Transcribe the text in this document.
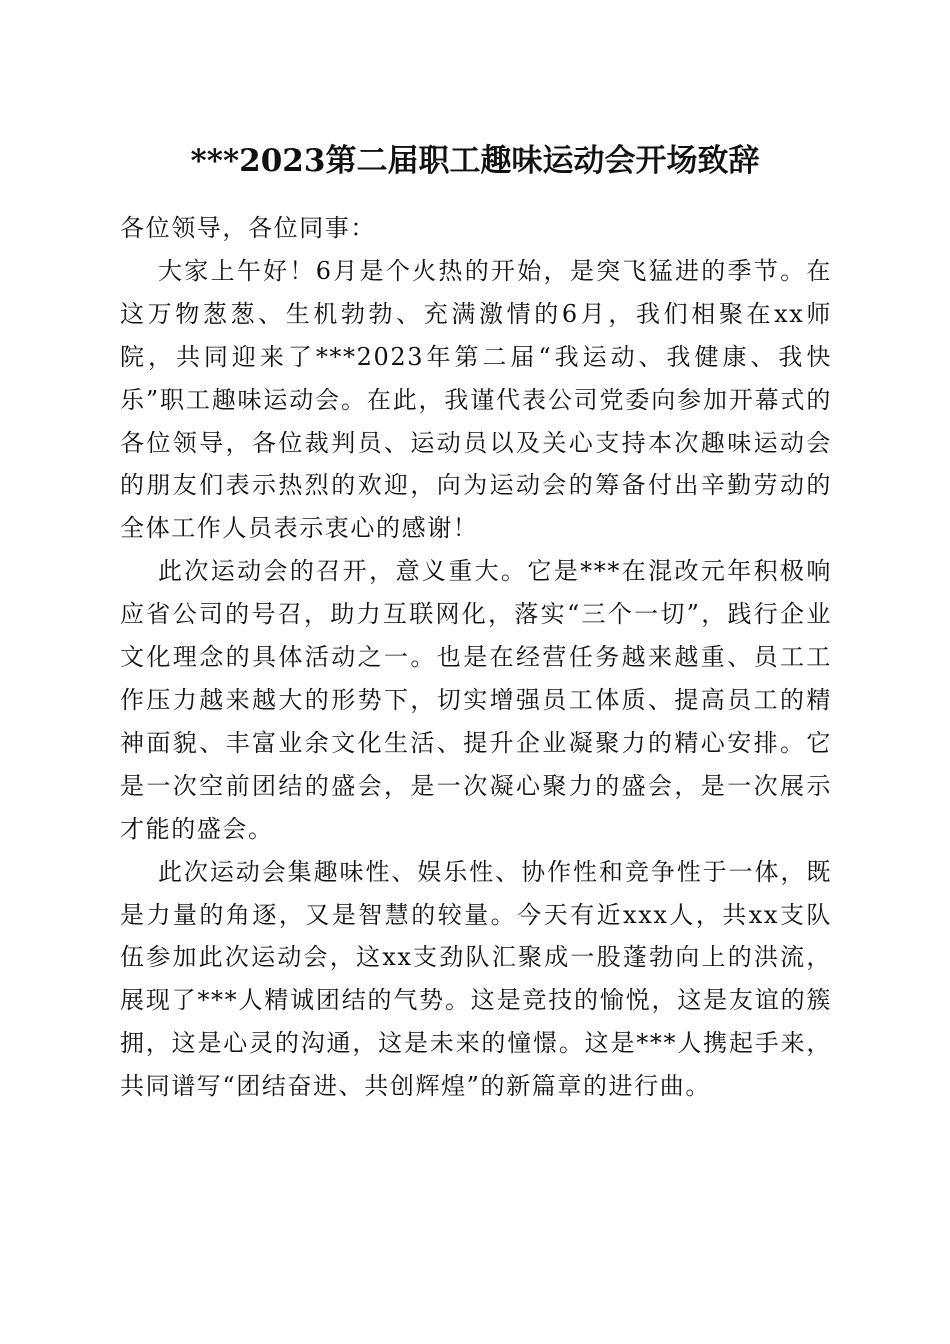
***2023第二届职工趣味运动会开场致辞

各位领导，各位同事：

大家上午好！6月是个火热的开始，是突飞猛进的季节。在这万物葱葱、生机勃勃、充满激情的6月，我们相聚在xx师院，共同迎来了***2023年第二届“我运动、我健康、我快乐”职工趣味运动会。在此，我谨代表公司党委向参加开幕式的各位领导，各位裁判员、运动员以及关心支持本次趣味运动会的朋友们表示热烈的欢迎，向为运动会的筹备付出辛勤劳动的全体工作人员表示衷心的感谢！

此次运动会的召开，意义重大。它是***在混改元年积极响应省公司的号召，助力互联网化，落实“三个一切”，践行企业文化理念的具体活动之一。也是在经营任务越来越重、员工工作压力越来越大的形势下，切实增强员工体质、提高员工的精神面貌、丰富业余文化生活、提升企业凝聚力的精心安排。它是一次空前团结的盛会，是一次凝心聚力的盛会，是一次展示才能的盛会。

此次运动会集趣味性、娱乐性、协作性和竞争性于一体，既是力量的角逐，又是智慧的较量。今天有近xxx人，共xx支队伍参加此次运动会，这xx支劲队汇聚成一股蓬勃向上的洪流，展现了***人精诚团结的气势。这是竞技的愉悦，这是友谊的簇拥，这是心灵的沟通，这是未来的憧憬。这是***人携起手来，共同谱写“团结奋进、共创辉煌”的新篇章的进行曲。
